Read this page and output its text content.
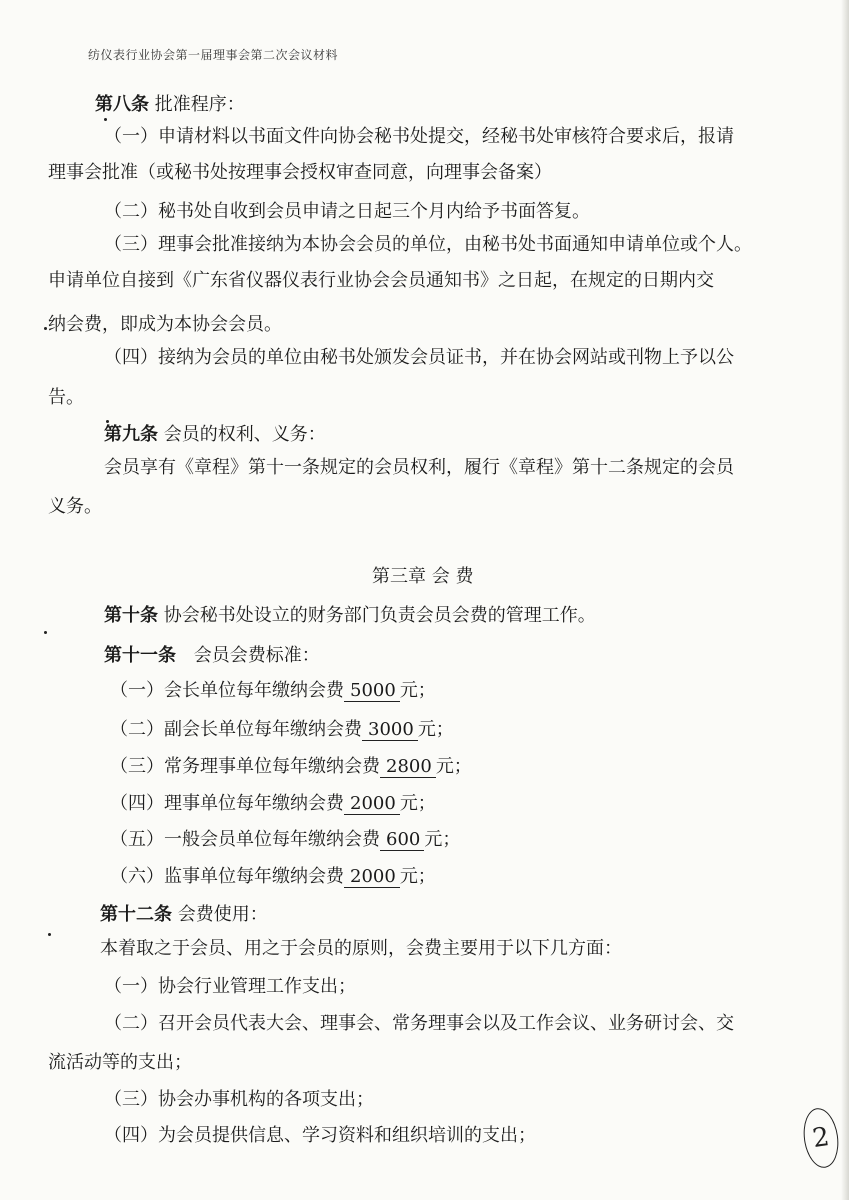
纺仪表行业协会第一届理事会第二次会议材料
第八条 批准程序：
（一）申请材料以书面文件向协会秘书处提交，经秘书处审核符合要求后，报请
理事会批准（或秘书处按理事会授权审查同意，向理事会备案）
（二）秘书处自收到会员申请之日起三个月内给予书面答复。
（三）理事会批准接纳为本协会会员的单位，由秘书处书面通知申请单位或个人。
申请单位自接到《广东省仪器仪表行业协会会员通知书》之日起，在规定的日期内交
纳会费，即成为本协会会员。
（四）接纳为会员的单位由秘书处颁发会员证书，并在协会网站或刊物上予以公
告。
第九条 会员的权利、义务：
会员享有《章程》第十一条规定的会员权利，履行《章程》第十二条规定的会员
义务。
第三章 会 费
第十条 协会秘书处设立的财务部门负责会员会费的管理工作。
第十一条 会员会费标准：
（一）会长单位每年缴纳会费 5000 元；
（二）副会长单位每年缴纳会费 3000 元；
（三）常务理事单位每年缴纳会费 2800 元；
（四）理事单位每年缴纳会费 2000 元；
（五）一般会员单位每年缴纳会费 600 元；
（六）监事单位每年缴纳会费 2000 元；
第十二条 会费使用：
本着取之于会员、用之于会员的原则，会费主要用于以下几方面：
（一）协会行业管理工作支出；
（二）召开会员代表大会、理事会、常务理事会以及工作会议、业务研讨会、交
流活动等的支出；
（三）协会办事机构的各项支出；
（四）为会员提供信息、学习资料和组织培训的支出；	2
